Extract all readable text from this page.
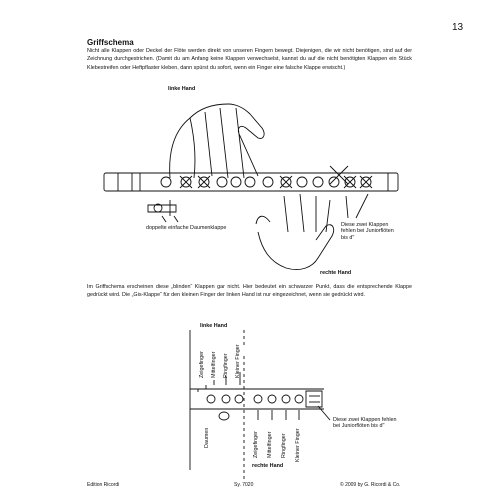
13
Griffschema

Nicht alle Klappen oder Deckel der Flöte werden direkt von unseren Fingern bewegt. Diejenigen, die wir nicht benötigen, sind auf der Zeichnung durchgestrichen. (Damit du am Anfang keine Klappen verwechselst, kannst du auf die nicht benötigten Klappen ein Stück Klebestreifen oder Heftpflaster kleben, dann spürst du sofort, wenn ein Finger eine falsche Klappe erwischt.)

linke Hand
doppelte einfache Daumenklappe	Diese zwei Klappen fehlen bei Juniorflöten bis d''
rechte Hand

Im Griffschema erscheinen diese „blinden“ Klappen gar nicht. Hier bedeutet ein schwarzer Punkt, dass die entsprechende Klappe gedrückt wird. Die „Gis-Klappe“ für den kleinen Finger der linken Hand ist nur eingezeichnet, wenn sie gedrückt wird.

linke Hand
Zeigefinger Mittelfinger Ringfinger Kleiner Finger
Daumen	Zeigefinger Mittelfinger Ringfinger Kleiner Finger
rechte Hand
Diese zwei Klappen fehlen bei Juniorflöten bis d''
Edition Ricordi	Sy. 7020	© 2009 by G. Ricordi & Co.
